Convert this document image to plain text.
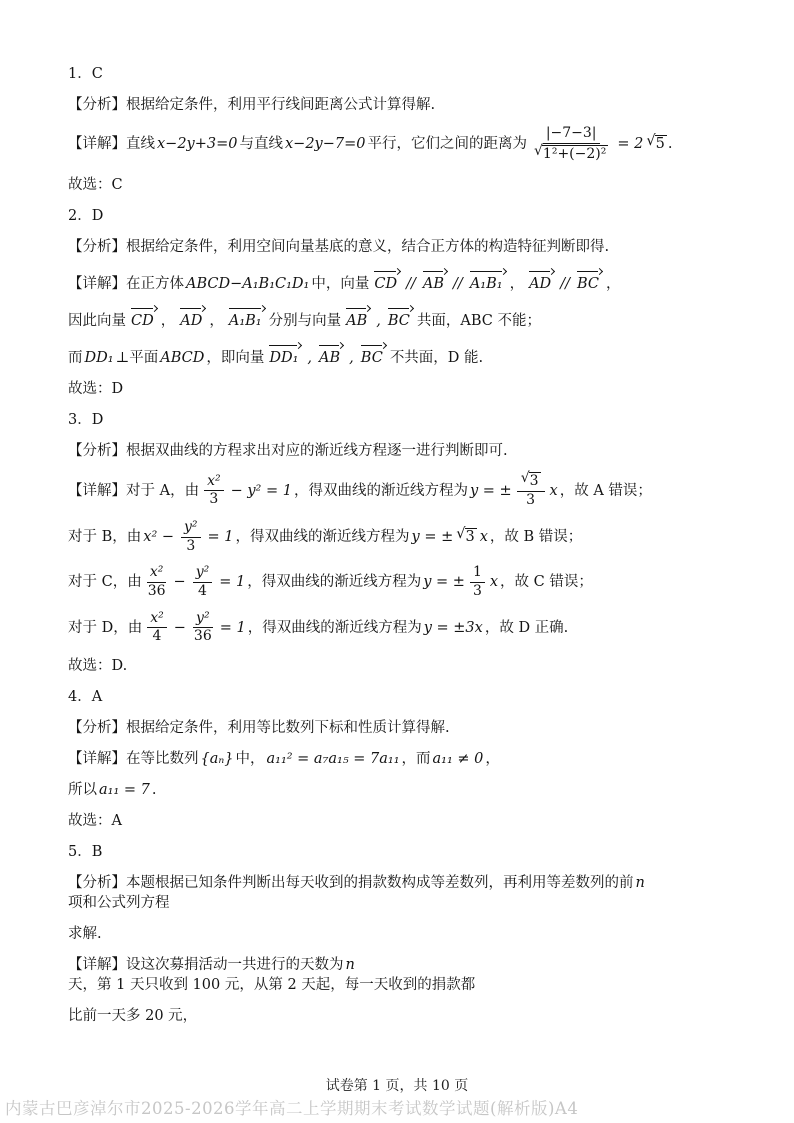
1．C

【分析】根据给定条件，利用平行线间距离公式计算得解.

【详解】 直线 x−2y+3=0 与直线 x−2y−7=0 平行，它们之间的距离为 $\frac{|-7-3|}{\text{√ 1²+(−2)²}} = 2$ √ 5 .

故选：C

2．D

【分析】根据给定条件，利用空间向量基底的意义，结合正方体的构造特征判断即得.

【详解】 在正方体 ABCD−A₁B₁C₁D₁ 中，向量 CD // AB // A₁B₁ ， AD // BC ，
因此向量 CD ， AD ， A₁B₁ 分别与向量 AB , BC 共面，ABC 不能；
而 DD₁ ⊥平面 ABCD ，即向量 DD₁ , AB , BC 不共面，D 能.

故选：D

3．D

【分析】根据双曲线的方程求出对应的渐近线方程逐一进行判断即可.

【详解】 对于 A，由 $\frac{\text{x²}}{3} - y^2 = 1$ ，得双曲线的渐近线方程为 y = ± $\frac{√ 3}{3}$ x ，故 A 错误；
对于 B，由 $x^2 - \frac{\text{y²}}{3} = 1$ ，得双曲线的渐近线方程为 y = ± √ 3 x ，故 B 错误；
对于 C，由 $\frac{\text{x²}}{36} - \frac{\text{y²}}{4} = 1$ ，得双曲线的渐近线方程为 y = ± $\frac{1}{3}$ x ，故 C 错误；
对于 D，由 $\frac{\text{x²}}{4} - \frac{\text{y²}}{36} = 1$ ，得双曲线的渐近线方程为 y = ±3x ，故 D 正确.

故选：D.

4．A

【分析】根据给定条件，利用等比数列下标和性质计算得解.

【详解】 在等比数列 {aₙ} 中， a₁₁² = a₇a₁₅ = 7a₁₁ ，而 a₁₁ ≠ 0 ，
所以 a₁₁ = 7 .

故选：A

5．B

【分析】本题根据已知条件判断出每天收到的捐款数构成等差数列，再利用等差数列的前 n
项和公式列方程

求解.

【详解】设这次募捐活动一共进行的天数为 n
天，第 1 天只收到 100 元，从第 2 天起，每一天收到的捐款都

比前一天多 20 元，

试卷第 1 页，共 10 页
内蒙古巴彦淖尔市2025-2026学年高二上学期期末考试数学试题(解析版)A4
